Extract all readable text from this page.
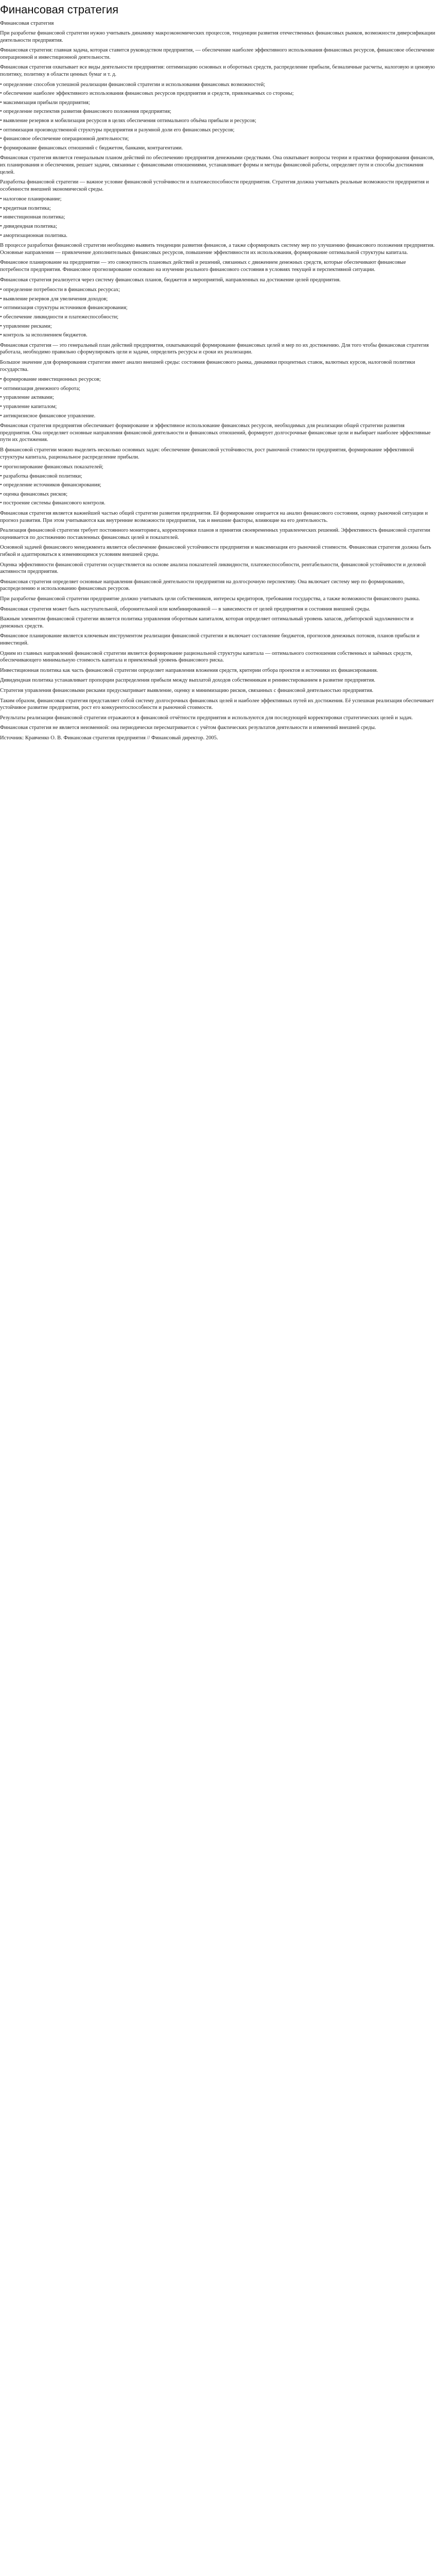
Финансовая стратегия
Финансовая стратегия

При разработке финансовой стратегии нужно учитывать динамику макроэкономических процессов, тенденции развития отечественных финансовых рынков, возможности диверсификации деятельности предприятия.

Финансовая стратегия: главная задача, которая ставится руководством предприятия, — обеспечение наиболее эффективного использования финансовых ресурсов, финансовое обеспечение операционной и инвестиционной деятельности.

Финансовая стратегия охватывает все виды деятельности предприятия: оптимизацию основных и оборотных средств, распределение прибыли, безналичные расчеты, налоговую и ценовую политику, политику в области ценных бумаг и т. д.

• определение способов успешной реализации финансовой стратегии и использования финансовых возможностей;
• обеспечение наиболее эффективного использования финансовых ресурсов предприятия и средств, привлекаемых со стороны;
• максимизация прибыли предприятия;
• определение перспектив развития финансового положения предприятия;
• выявление резервов и мобилизация ресурсов в целях обеспечения оптимального объёма прибыли и ресурсов;
• оптимизация производственной структуры предприятия и разумной доли его финансовых ресурсов;
• финансовое обеспечение операционной деятельности;
• формирование финансовых отношений с бюджетом, банками, контрагентами.

Финансовая стратегия является генеральным планом действий по обеспечению предприятия денежными средствами. Она охватывает вопросы теории и практики формирования финансов, их планирования и обеспечения, решает задачи, связанные с финансовыми отношениями, устанавливает формы и методы финансовой работы, определяет пути и способы достижения целей.

Разработка финансовой стратегии — важное условие финансовой устойчивости и платежеспособности предприятия. Стратегия должна учитывать реальные возможности предприятия и особенности внешней экономической среды.

• налоговое планирование;
• кредитная политика;
• инвестиционная политика;
• дивидендная политика;
• амортизационная политика.

В процессе разработки финансовой стратегии необходимо выявить тенденции развития финансов, а также сформировать систему мер по улучшению финансового положения предприятия. Основные направления — привлечение дополнительных финансовых ресурсов, повышение эффективности их использования, формирование оптимальной структуры капитала.

Финансовое планирование на предприятии — это совокупность плановых действий и решений, связанных с движением денежных средств, которые обеспечивают финансовые потребности предприятия. Финансовое прогнозирование основано на изучении реального финансового состояния в условиях текущей и перспективной ситуации.

Финансовая стратегия реализуется через систему финансовых планов, бюджетов и мероприятий, направленных на достижение целей предприятия.

• определение потребности в финансовых ресурсах;
• выявление резервов для увеличения доходов;
• оптимизация структуры источников финансирования;
• обеспечение ликвидности и платежеспособности;
• управление рисками;
• контроль за исполнением бюджетов.

Финансовая стратегия — это генеральный план действий предприятия, охватывающий формирование финансовых целей и мер по их достижению. Для того чтобы финансовая стратегия работала, необходимо правильно сформулировать цели и задачи, определить ресурсы и сроки их реализации.

Большое значение для формирования стратегии имеет анализ внешней среды: состояния финансового рынка, динамики процентных ставок, валютных курсов, налоговой политики государства.

• формирование инвестиционных ресурсов;
• оптимизация денежного оборота;
• управление активами;
• управление капиталом;
• антикризисное финансовое управление.

Финансовая стратегия предприятия обеспечивает формирование и эффективное использование финансовых ресурсов, необходимых для реализации общей стратегии развития предприятия. Она определяет основные направления финансовой деятельности и финансовых отношений, формирует долгосрочные финансовые цели и выбирает наиболее эффективные пути их достижения.

В финансовой стратегии можно выделить несколько основных задач: обеспечение финансовой устойчивости, рост рыночной стоимости предприятия, формирование эффективной структуры капитала, рациональное распределение прибыли.

• прогнозирование финансовых показателей;
• разработка финансовой политики;
• определение источников финансирования;
• оценка финансовых рисков;
• построение системы финансового контроля.

Финансовая стратегия является важнейшей частью общей стратегии развития предприятия. Её формирование опирается на анализ финансового состояния, оценку рыночной ситуации и прогноз развития. При этом учитываются как внутренние возможности предприятия, так и внешние факторы, влияющие на его деятельность.

Реализация финансовой стратегии требует постоянного мониторинга, корректировки планов и принятия своевременных управленческих решений. Эффективность финансовой стратегии оценивается по достижению поставленных финансовых целей и показателей.

Основной задачей финансового менеджмента является обеспечение финансовой устойчивости предприятия и максимизация его рыночной стоимости. Финансовая стратегия должна быть гибкой и адаптироваться к изменяющимся условиям внешней среды.

Оценка эффективности финансовой стратегии осуществляется на основе анализа показателей ликвидности, платежеспособности, рентабельности, финансовой устойчивости и деловой активности предприятия.

Финансовая стратегия определяет основные направления финансовой деятельности предприятия на долгосрочную перспективу. Она включает систему мер по формированию, распределению и использованию финансовых ресурсов.

При разработке финансовой стратегии предприятие должно учитывать цели собственников, интересы кредиторов, требования государства, а также возможности финансового рынка.

Финансовая стратегия может быть наступательной, оборонительной или комбинированной — в зависимости от целей предприятия и состояния внешней среды.

Важным элементом финансовой стратегии является политика управления оборотным капиталом, которая определяет оптимальный уровень запасов, дебиторской задолженности и денежных средств.

Финансовое планирование является ключевым инструментом реализации финансовой стратегии и включает составление бюджетов, прогнозов денежных потоков, планов прибыли и инвестиций.

Одним из главных направлений финансовой стратегии является формирование рациональной структуры капитала — оптимального соотношения собственных и заёмных средств, обеспечивающего минимальную стоимость капитала и приемлемый уровень финансового риска.

Инвестиционная политика как часть финансовой стратегии определяет направления вложения средств, критерии отбора проектов и источники их финансирования.

Дивидендная политика устанавливает пропорции распределения прибыли между выплатой доходов собственникам и реинвестированием в развитие предприятия.

Стратегия управления финансовыми рисками предусматривает выявление, оценку и минимизацию рисков, связанных с финансовой деятельностью предприятия.

Таким образом, финансовая стратегия представляет собой систему долгосрочных финансовых целей и наиболее эффективных путей их достижения. Её успешная реализация обеспечивает устойчивое развитие предприятия, рост его конкурентоспособности и рыночной стоимости.

Результаты реализации финансовой стратегии отражаются в финансовой отчётности предприятия и используются для последующей корректировки стратегических целей и задач.

Финансовая стратегия не является неизменной: она периодически пересматривается с учётом фактических результатов деятельности и изменений внешней среды.

Источник: Кравченко О. В. Финансовая стратегия предприятия // Финансовый директор. 2005.
